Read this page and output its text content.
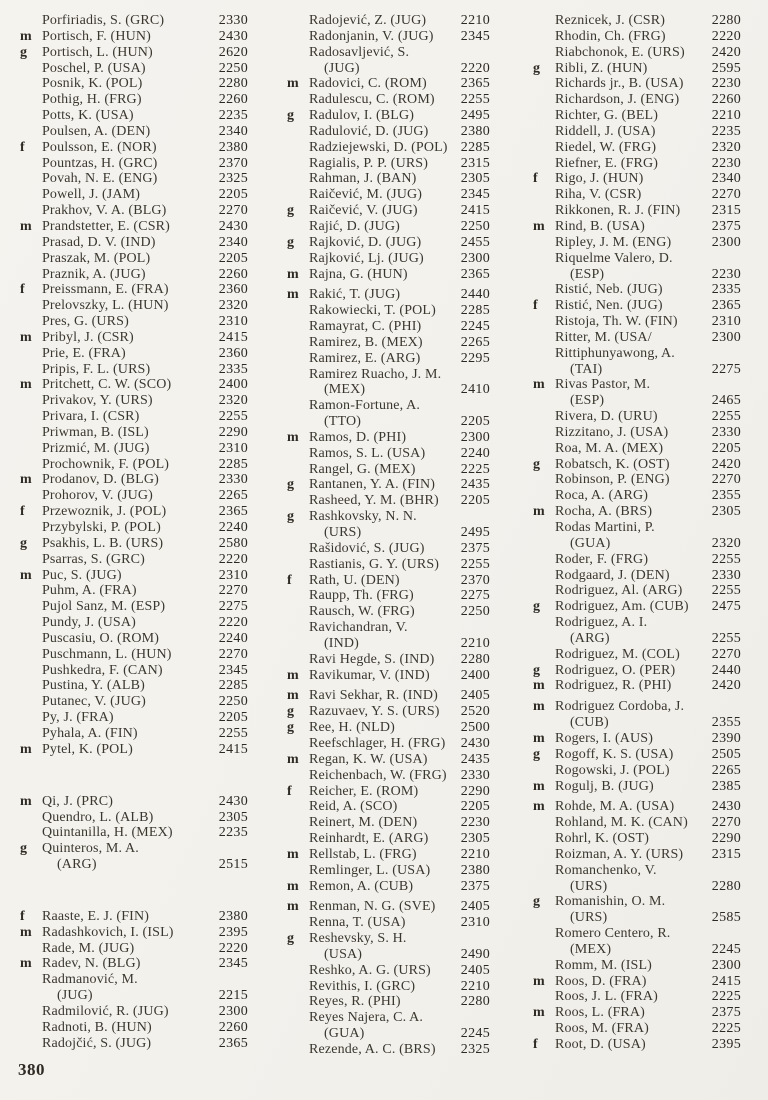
Porfiriadis, S. (GRC)	2330
m Portisch, F. (HUN)	2430
g	Portisch, L. (HUN)	2620
Poschel, P. (USA)	2250
Posnik, K. (POL)	2280
Pothig, H. (FRG)	2260
Potts, K. (USA)	2235
Poulsen, A. (DEN)	2340
f	Poulsson, E. (NOR)	2380
Pountzas, H. (GRC)	2370
Povah, N. E. (ENG)	2325
Powell, J. (JAM)	2205
Prakhov, V. A. (BLG)	2270
m Prandstetter, E. (CSR)	2430
Prasad, D. V. (IND)	2340
Praszak, M. (POL)	2205
Praznik, A. (JUG)	2260
f	Preissmann, E. (FRA)	2360
Prelovszky, L. (HUN)	2320
Pres, G. (URS)	2310
m Pribyl, J. (CSR)	2415
Prie, E. (FRA)	2360
Pripis, F. L. (URS)	2335
m Pritchett, C. W. (SCO)	2400
Privakov, Y. (URS)	2320
Privara, I. (CSR)	2255
Priwman, B. (ISL)	2290
Prizmić, M. (JUG)	2310
Prochownik, F. (POL)	2285
m Prodanov, D. (BLG)	2330
Prohorov, V. (JUG)	2265
f	Przewoznik, J. (POL)	2365
Przybylski, P. (POL)	2240
g	Psakhis, L. B. (URS)	2580
Psarras, S. (GRC)	2220
m Puc, S. (JUG)	2310
Puhm, A. (FRA)	2270
Pujol Sanz, M. (ESP)	2275
Pundy, J. (USA)	2220
Puscasiu, O. (ROM)	2240
Puschmann, L. (HUN)	2270
Pushkedra, F. (CAN)	2345
Pustina, Y. (ALB)	2285
Putanec, V. (JUG)	2250
Py, J. (FRA)	2205
Pyhala, A. (FIN)	2255
m Pytel, K. (POL)	2415
m Qi, J. (PRC)	2430
Quendro, L. (ALB)	2305
Quintanilla, H. (MEX)	2235
g	Quinteros, M. A.
(ARG)	2515
f	Raaste, E. J. (FIN)	2380
m Radashkovich, I. (ISL)	2395
Rade, M. (JUG)	2220
m Radev, N. (BLG)	2345
Radmanović, M.
(JUG)	2215
Radmilović, R. (JUG)	2300
Radnoti, B. (HUN)	2260
Radojčić, S. (JUG)	2365
Radojević, Z. (JUG)	2210
Radonjanin, V. (JUG)	2345
Radosavljević, S.
(JUG)	2220
m Radovici, C. (ROM)	2365
Radulescu, C. (ROM)	2255
g	Radulov, I. (BLG)	2495
Radulović, D. (JUG)	2380
Radziejewski, D. (POL) 2285
Ragialis, P. P. (URS)	2315
Rahman, J. (BAN)	2305
Raičević, M. (JUG)	2345
g	Raičević, V. (JUG)	2415
Rajić, D. (JUG)	2250
g	Rajković, D. (JUG)	2455
Rajković, Lj. (JUG)	2300
m Rajna, G. (HUN)	2365
m Rakić, T. (JUG)	2440
Rakowiecki, T. (POL)	2285
Ramayrat, C. (PHI)	2245
Ramirez, B. (MEX)	2265
Ramirez, E. (ARG)	2295
Ramirez Ruacho, J. M.
(MEX)	2410
Ramon-Fortune, A.
(TTO)	2205
m Ramos, D. (PHI)	2300
Ramos, S. L. (USA)	2240
Rangel, G. (MEX)	2225
g	Rantanen, Y. A. (FIN)	2435
Rasheed, Y. M. (BHR)	2205
g	Rashkovsky, N. N.
(URS)	2495
Rašidović, S. (JUG)	2375
Rastianis, G. Y. (URS)	2255
f	Rath, U. (DEN)	2370
Raupp, Th. (FRG)	2275
Rausch, W. (FRG)	2250
Ravichandran, V.
(IND)	2210
Ravi Hegde, S. (IND)	2280
m Ravikumar, V. (IND)	2400
m Ravi Sekhar, R. (IND)	2405
g	Razuvaev, Y. S. (URS)	2520
g	Ree, H. (NLD)	2500
Reefschlager, H. (FRG)	2430
m Regan, K. W. (USA)	2435
Reichenbach, W. (FRG)	2330
f	Reicher, E. (ROM)	2290
Reid, A. (SCO)	2205
Reinert, M. (DEN)	2230
Reinhardt, E. (ARG)	2305
m Rellstab, L. (FRG)	2210
Remlinger, L. (USA)	2380
m Remon, A. (CUB)	2375
m Renman, N. G. (SVE)	2405
Renna, T. (USA)	2310
g	Reshevsky, S. H.
(USA)	2490
Reshko, A. G. (URS)	2405
Revithis, I. (GRC)	2210
Reyes, R. (PHI)	2280
Reyes Najera, C. A.
(GUA)	2245
Rezende, A. C. (BRS)	2325
Reznicek, J. (CSR)	2280
Rhodin, Ch. (FRG)	2220
Riabchonok, E. (URS)	2420
g	Ribli, Z. (HUN)	2595
Richards jr., B. (USA)	2230
Richardson, J. (ENG)	2260
Richter, G. (BEL)	2210
Riddell, J. (USA)	2235
Riedel, W. (FRG)	2320
Riefner, E. (FRG)	2230
f	Rigo, J. (HUN)	2340
Riha, V. (CSR)	2270
Rikkonen, R. J. (FIN)	2315
m Rind, B. (USA)	2375
Ripley, J. M. (ENG)	2300
Riquelme Valero, D.
(ESP)	2230
Ristić, Neb. (JUG)	2335
f	Ristić, Nen. (JUG)	2365
Ristoja, Th. W. (FIN)	2310
Ritter, M. (USA/	2300
Rittiphunyawong, A.
(TAI)	2275
m Rivas Pastor, M.
(ESP)	2465
Rivera, D. (URU)	2255
Rizzitano, J. (USA)	2330
Roa, M. A. (MEX)	2205
g	Robatsch, K. (OST)	2420
Robinson, P. (ENG)	2270
Roca, A. (ARG)	2355
m Rocha, A. (BRS)	2305
Rodas Martini, P.
(GUA)	2320
Roder, F. (FRG)	2255
Rodgaard, J. (DEN)	2330
Rodriguez, Al. (ARG)	2255
g	Rodriguez, Am. (CUB)	2475
Rodriguez, A. I.
(ARG)	2255
Rodriguez, M. (COL)	2270
g	Rodriguez, O. (PER)	2440
m Rodriguez, R. (PHI)	2420
m Rodriguez Cordoba, J.
(CUB)	2355
m Rogers, I. (AUS)	2390
g	Rogoff, K. S. (USA)	2505
Rogowski, J. (POL)	2265
m Rogulj, B. (JUG)	2385
m Rohde, M. A. (USA)	2430
Rohland, M. K. (CAN)	2270
Rohrl, K. (OST)	2290
Roizman, A. Y. (URS)	2315
Romanchenko, V.
(URS)	2280
g	Romanishin, O. M.
(URS)	2585
Romero Centero, R.
(MEX)	2245
Romm, M. (ISL)	2300
m Roos, D. (FRA)	2415
Roos, J. L. (FRA)	2225
m Roos, L. (FRA)	2375
Roos, M. (FRA)	2225
f	Root, D. (USA)	2395
380
